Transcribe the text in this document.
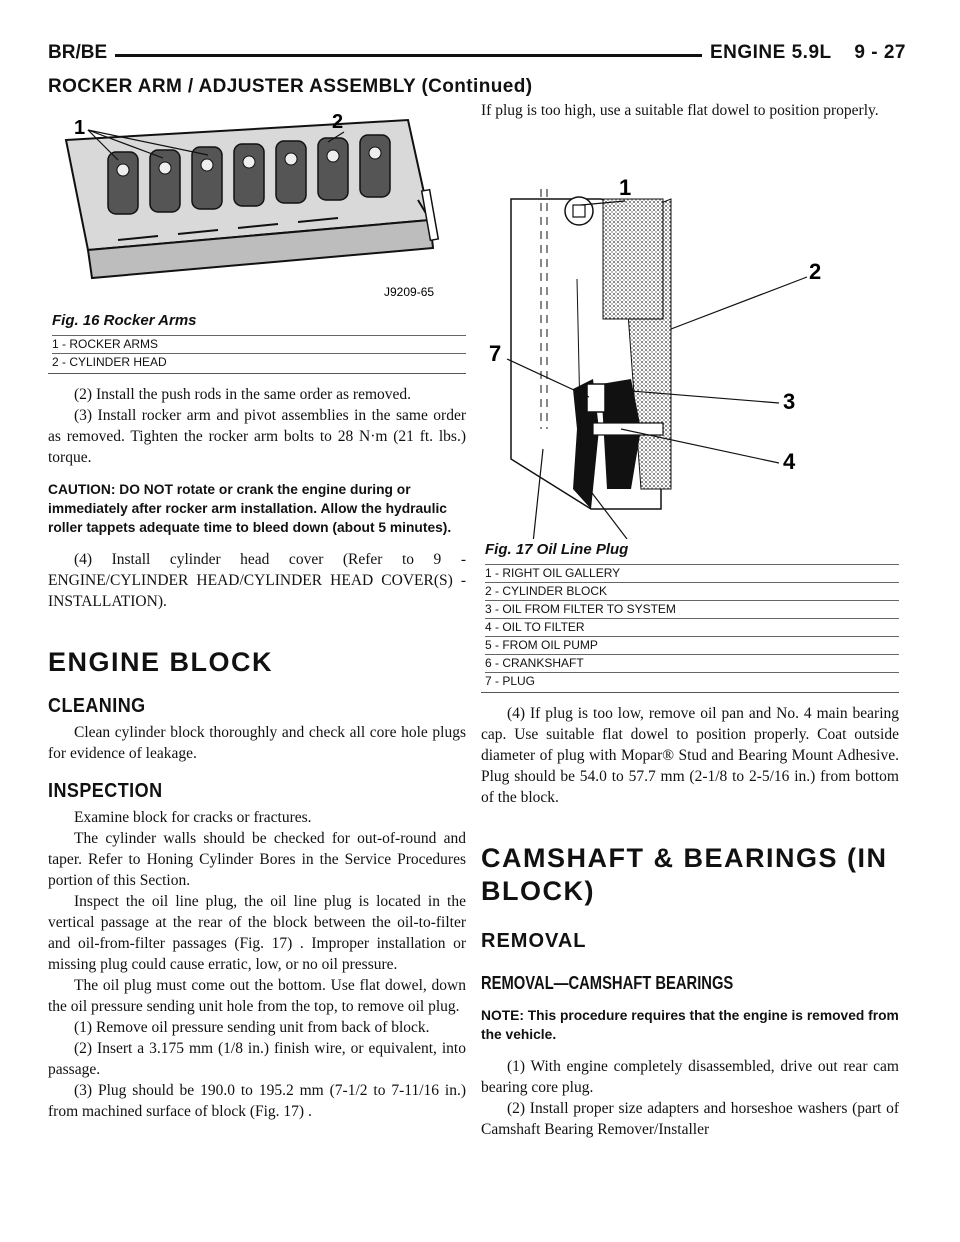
BR/BE	ENGINE 5.9L    9 - 27
ROCKER ARM / ADJUSTER ASSEMBLY (Continued)
1	2
J9209-65
Fig. 16 Rocker Arms
1 - ROCKER ARMS
2 - CYLINDER HEAD

(2) Install the push rods in the same order as removed.

(3) Install rocker arm and pivot assemblies in the same order as removed. Tighten the rocker arm bolts to 28 N·m (21 ft. lbs.) torque.

CAUTION: DO NOT rotate or crank the engine during or immediately after rocker arm installation. Allow the hydraulic roller tappets adequate time to bleed down (about 5 minutes).

(4) Install cylinder head cover (Refer to 9 - ENGINE/CYLINDER HEAD/CYLINDER HEAD COVER(S) - INSTALLATION).

ENGINE BLOCK
CLEANING

Clean cylinder block thoroughly and check all core hole plugs for evidence of leakage.

INSPECTION

Examine block for cracks or fractures.

The cylinder walls should be checked for out-of-round and taper. Refer to Honing Cylinder Bores in the Service Procedures portion of this Section.

Inspect the oil line plug, the oil line plug is located in the vertical passage at the rear of the block between the oil-to-filter and oil-from-filter passages (Fig. 17) . Improper installation or missing plug could cause erratic, low, or no oil pressure.

The oil plug must come out the bottom. Use flat dowel, down the oil pressure sending unit hole from the top, to remove oil plug.

(1) Remove oil pressure sending unit from back of block.

(2) Insert a 3.175 mm (1/8 in.) finish wire, or equivalent, into passage.

(3) Plug should be 190.0 to 195.2 mm (7-1/2 to 7-11/16 in.) from machined surface of block (Fig. 17) .

If plug is too high, use a suitable flat dowel to position properly.

1
2
3
4
7
Fig. 17 Oil Line Plug
1 - RIGHT OIL GALLERY
2 - CYLINDER BLOCK
3 - OIL FROM FILTER TO SYSTEM
4 - OIL TO FILTER
5 - FROM OIL PUMP
6 - CRANKSHAFT
7 - PLUG

(4) If plug is too low, remove oil pan and No. 4 main bearing cap. Use suitable flat dowel to position properly. Coat outside diameter of plug with Mopar® Stud and Bearing Mount Adhesive. Plug should be 54.0 to 57.7 mm (2-1/8 to 2-5/16 in.) from bottom of the block.

CAMSHAFT & BEARINGS (IN BLOCK)
REMOVAL
REMOVAL—CAMSHAFT BEARINGS
NOTE: This procedure requires that the engine is removed from the vehicle.

(1) With engine completely disassembled, drive out rear cam bearing core plug.

(2) Install proper size adapters and horseshoe washers (part of Camshaft Bearing Remover/Installer
